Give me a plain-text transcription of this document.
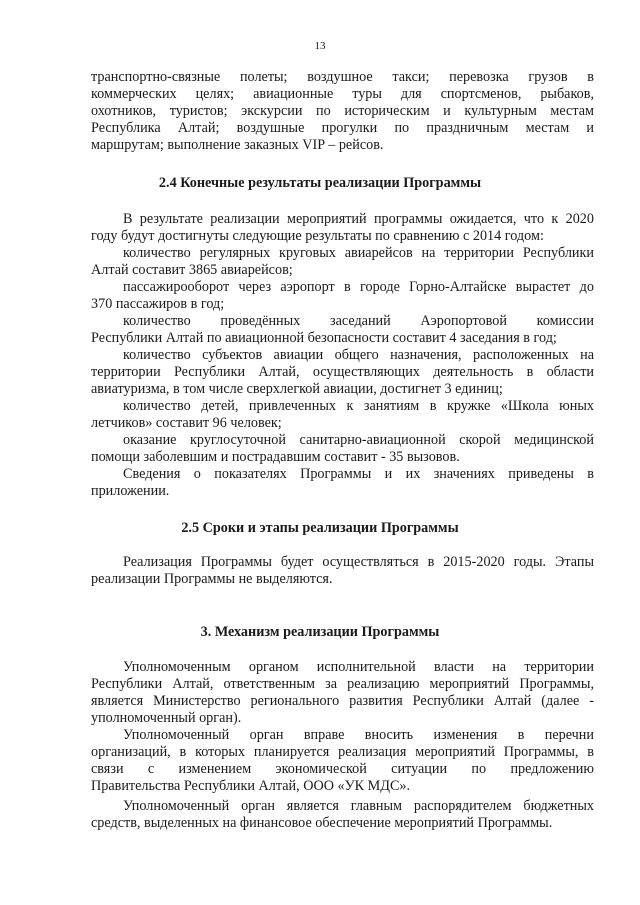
13
транспортно-связные полеты; воздушное такси; перевозка грузов в
коммерческих целях; авиационные туры для спортсменов, рыбаков,
охотников, туристов; экскурсии по историческим и культурным местам
Республика Алтай; воздушные прогулки по праздничным местам и
маршрутам; выполнение заказных VIP – рейсов.
2.4 Конечные результаты реализации Программы
В результате реализации мероприятий программы ожидается, что к 2020
году будут достигнуты следующие результаты по сравнению с 2014 годом:
количество регулярных круговых авиарейсов на территории Республики
Алтай составит 3865 авиарейсов;
пассажирооборот через аэропорт в городе Горно-Алтайске вырастет до
370 пассажиров в год;
количество проведённых заседаний Аэропортовой комиссии
Республики Алтай по авиационной безопасности составит 4 заседания в год;
количество субъектов авиации общего назначения, расположенных на
территории Республики Алтай, осуществляющих деятельность в области
авиатуризма, в том числе сверхлегкой авиации, достигнет 3 единиц;
количество детей, привлеченных к занятиям в кружке «Школа юных
летчиков» составит 96 человек;
оказание круглосуточной санитарно-авиационной скорой медицинской
помощи заболевшим и пострадавшим составит - 35 вызовов.
Сведения о показателях Программы и их значениях приведены в
приложении.
2.5 Сроки и этапы реализации Программы
Реализация Программы будет осуществляться в 2015-2020 годы. Этапы
реализации Программы не выделяются.
3. Механизм реализации Программы
Уполномоченным органом исполнительной власти на территории
Республики Алтай, ответственным за реализацию мероприятий Программы,
является Министерство регионального развития Республики Алтай (далее -
уполномоченный орган).
Уполномоченный орган вправе вносить изменения в перечни
организаций, в которых планируется реализация мероприятий Программы, в
связи с изменением экономической ситуации по предложению
Правительства Республики Алтай, ООО «УК МДС».
Уполномоченный орган является главным распорядителем бюджетных
средств, выделенных на финансовое обеспечение мероприятий Программы.
